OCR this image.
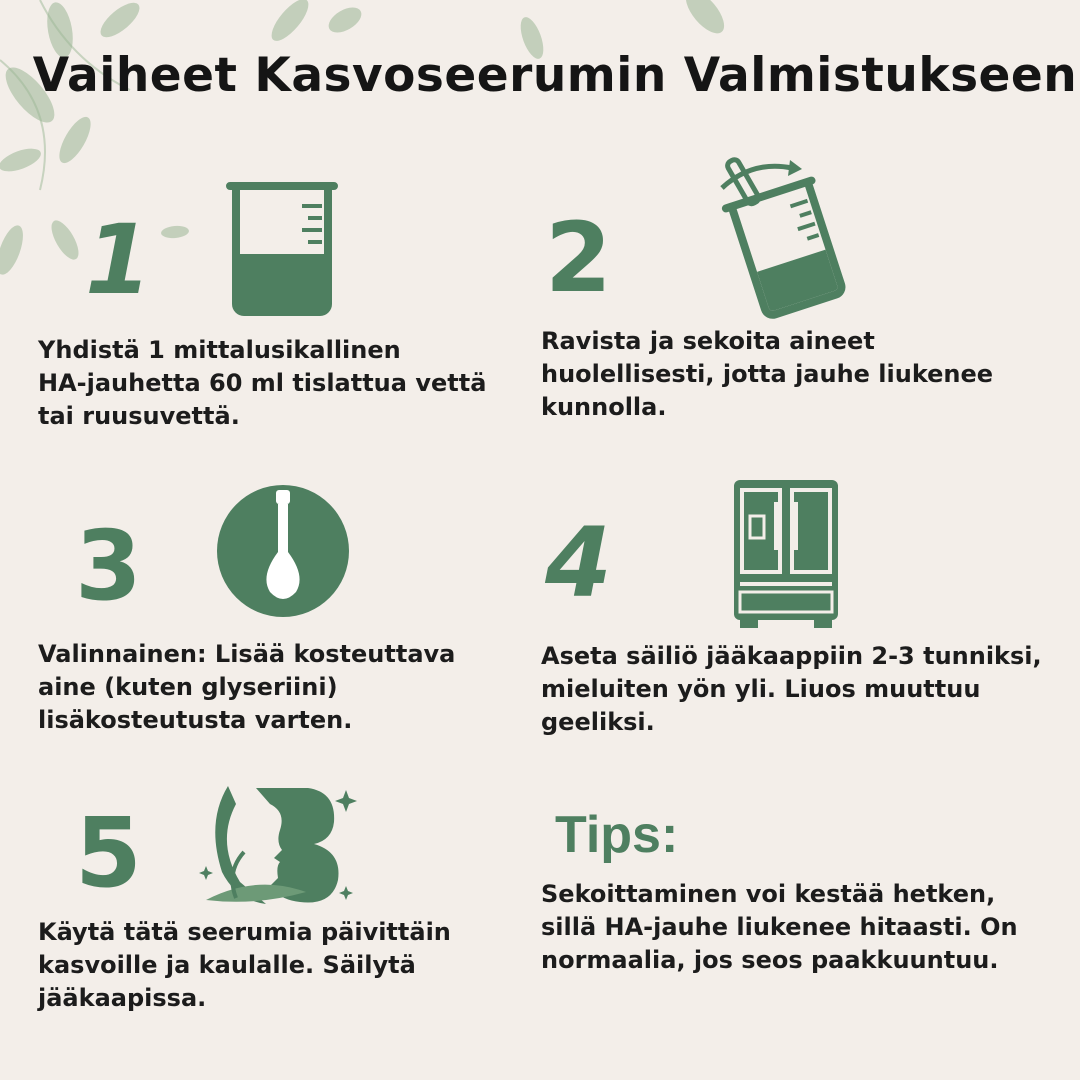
Vaiheet Kasvoseerumin Valmistukseen
1
Yhdistä 1 mittalusikallinen
HA-jauhetta 60 ml tislattua vettä
tai ruusuvettä.
2
Ravista ja sekoita aineet
huolellisesti, jotta jauhe liukenee
kunnolla.
3
Valinnainen: Lisää kosteuttava
aine (kuten glyseriini)
lisäkosteutusta varten.
4
Aseta säiliö jääkaappiin 2-3 tunniksi,
mieluiten yön yli. Liuos muuttuu
geeliksi.
5
Käytä tätä seerumia päivittäin
kasvoille ja kaulalle. Säilytä
jääkaapissa.
Tips:
Sekoittaminen voi kestää hetken,
sillä HA-jauhe liukenee hitaasti. On
normaalia, jos seos paakkuuntuu.
